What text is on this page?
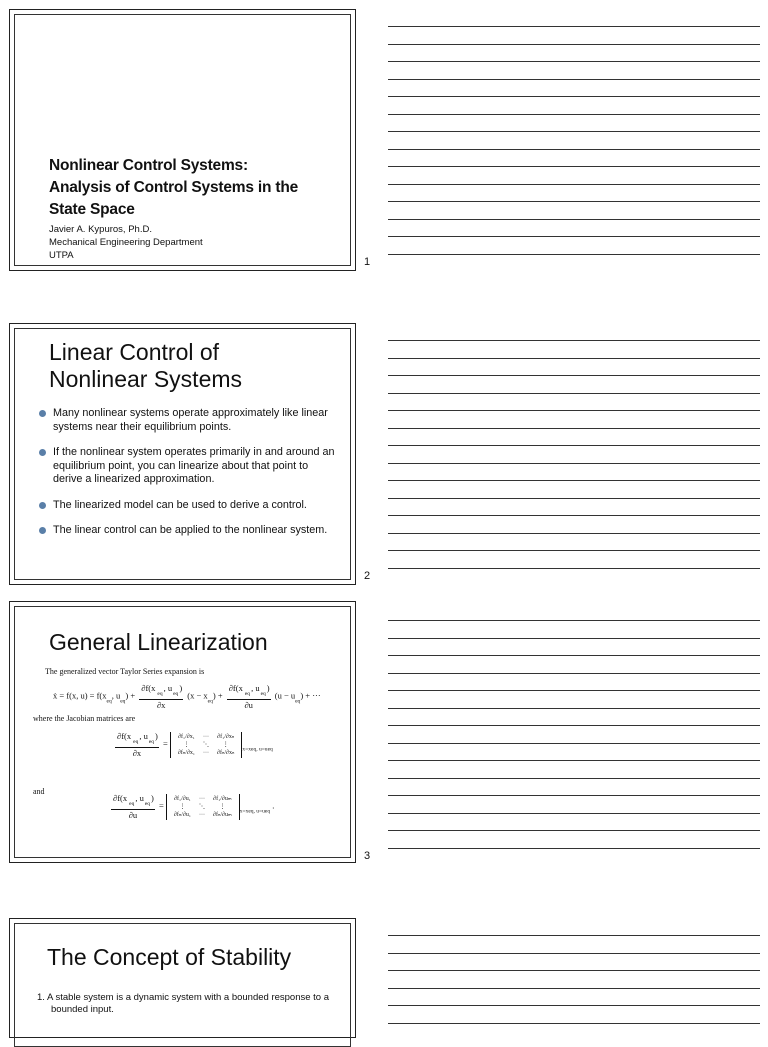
Nonlinear Control Systems:
Analysis of Control Systems in the
State Space
Javier A. Kypuros, Ph.D.
Mechanical Engineering Department
UTPA
1
Linear Control of
Nonlinear Systems
Many nonlinear systems operate approximately like linear systems near their equilibrium points.
If the nonlinear system operates primarily in and around an equilibrium point, you can linearize about that point to derive a linearized approximation.
The linearized model can be used to derive a control.
The linear control can be applied to the nonlinear system.
2
General Linearization
The generalized vector Taylor Series expansion is
ẋ = f(x, $u) = f(x_{eq}$, $u_{eq}) + \frac{\partial f(x_{eq}, u_{eq})}{\partial x} (x - x_{eq}) + \frac{\partial f(x_{eq}, u_{eq})}{\partial u} (u - u_{eq})$ + ···
where the Jacobian matrices are
$\frac{\partial f(x_{eq}, u_{eq})}{\partial x}$ =
∂f₁/∂x₁	···	∂f₁/∂xₙ
⋮	⋱	⋮
∂fₙ/∂x₁	···	∂fₙ/∂xₙ
$_{x=xeq, u=ueq}$
and
$\frac{\partial f(x_{eq}, u_{eq})}{\partial u}$ =
∂f₁/∂u₁	···	∂f₁/∂uₘ
⋮	⋱	⋮
∂fₙ/∂u₁	···	∂fₙ/∂uₘ
$_{x=xeq, u=ueq}$ .
3
The Concept of Stability
1. A stable system is a dynamic system with a bounded response to a bounded input.
